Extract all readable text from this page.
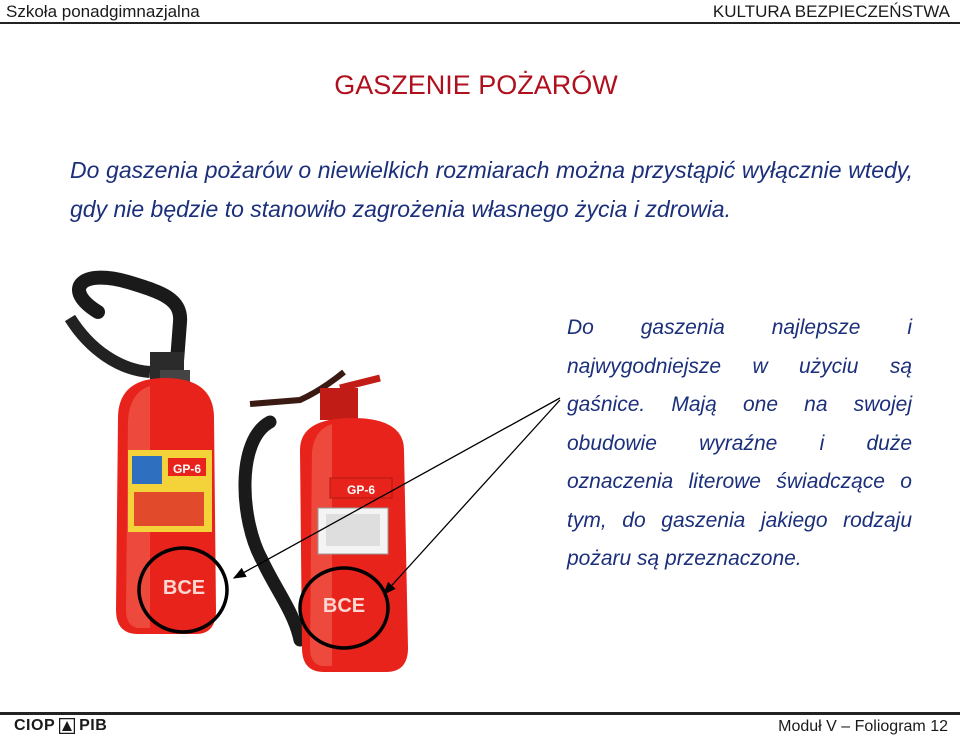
Szkoła ponadgimnazjalna	KULTURA BEZPIECZEŃSTWA
GASZENIE POŻARÓW

Do gaszenia pożarów o niewielkich rozmiarach można przystąpić wyłącznie wtedy, gdy nie będzie to stanowiło zagrożenia własnego życia i zdrowia.

GP-6
BCE
GP-6
BCE

Do gaszenia najlepsze i najwygodniejsze w użyciu są gaśnice. Mają one na swojej obudowie wyraźne i duże oznaczenia literowe świadczące o tym, do gaszenia jakiego rodzaju pożaru są przeznaczone.

CIOP PIB	Moduł V – Foliogram 12
